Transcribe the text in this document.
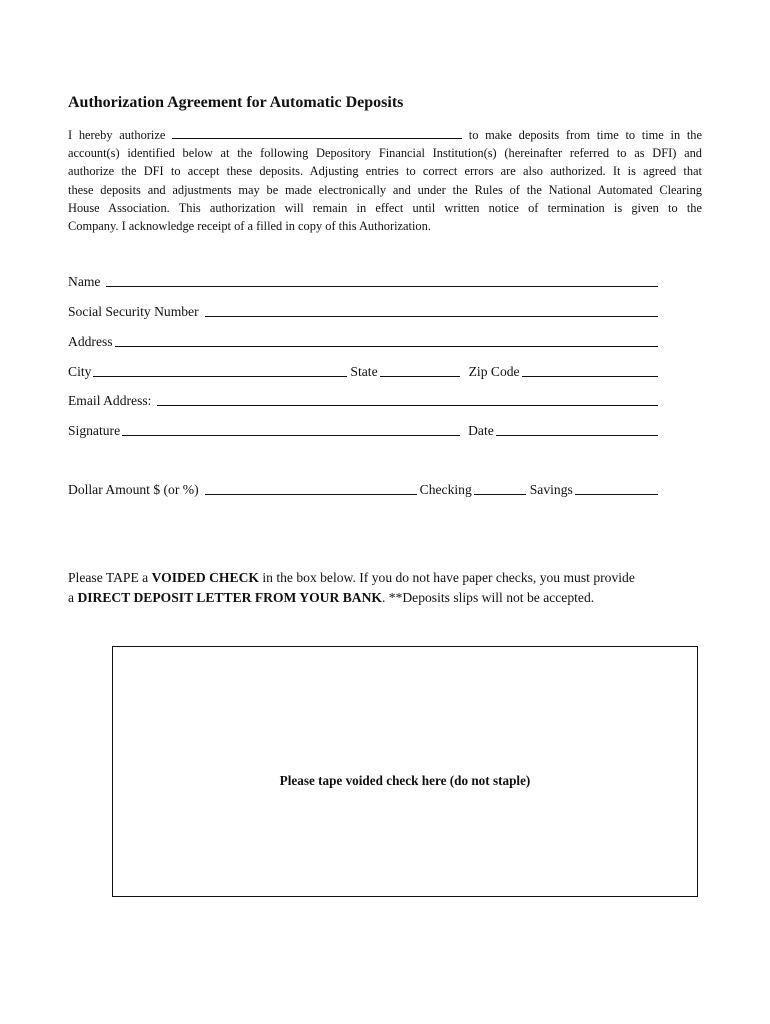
Authorization Agreement for Automatic Deposits
I hereby authorize	to make deposits from time to time in the
account(s) identified below at the following Depository Financial Institution(s) (hereinafter referred to as DFI) and
authorize the DFI to accept these deposits. Adjusting entries to correct errors are also authorized. It is agreed that
these deposits and adjustments may be made electronically and under the Rules of the National Automated Clearing
House Association. This authorization will remain in effect until written notice of termination is given to the
Company. I acknowledge receipt of a filled in copy of this Authorization.
Name
Social Security Number
Address
City	State	Zip Code
Email Address:
Signature	Date
Dollar Amount $ (or %)	Checking	Savings
Please TAPE a VOIDED CHECK in the box below. If you do not have paper checks, you must provide
a DIRECT DEPOSIT LETTER FROM YOUR BANK. **Deposits slips will not be accepted.
Please tape voided check here (do not staple)
